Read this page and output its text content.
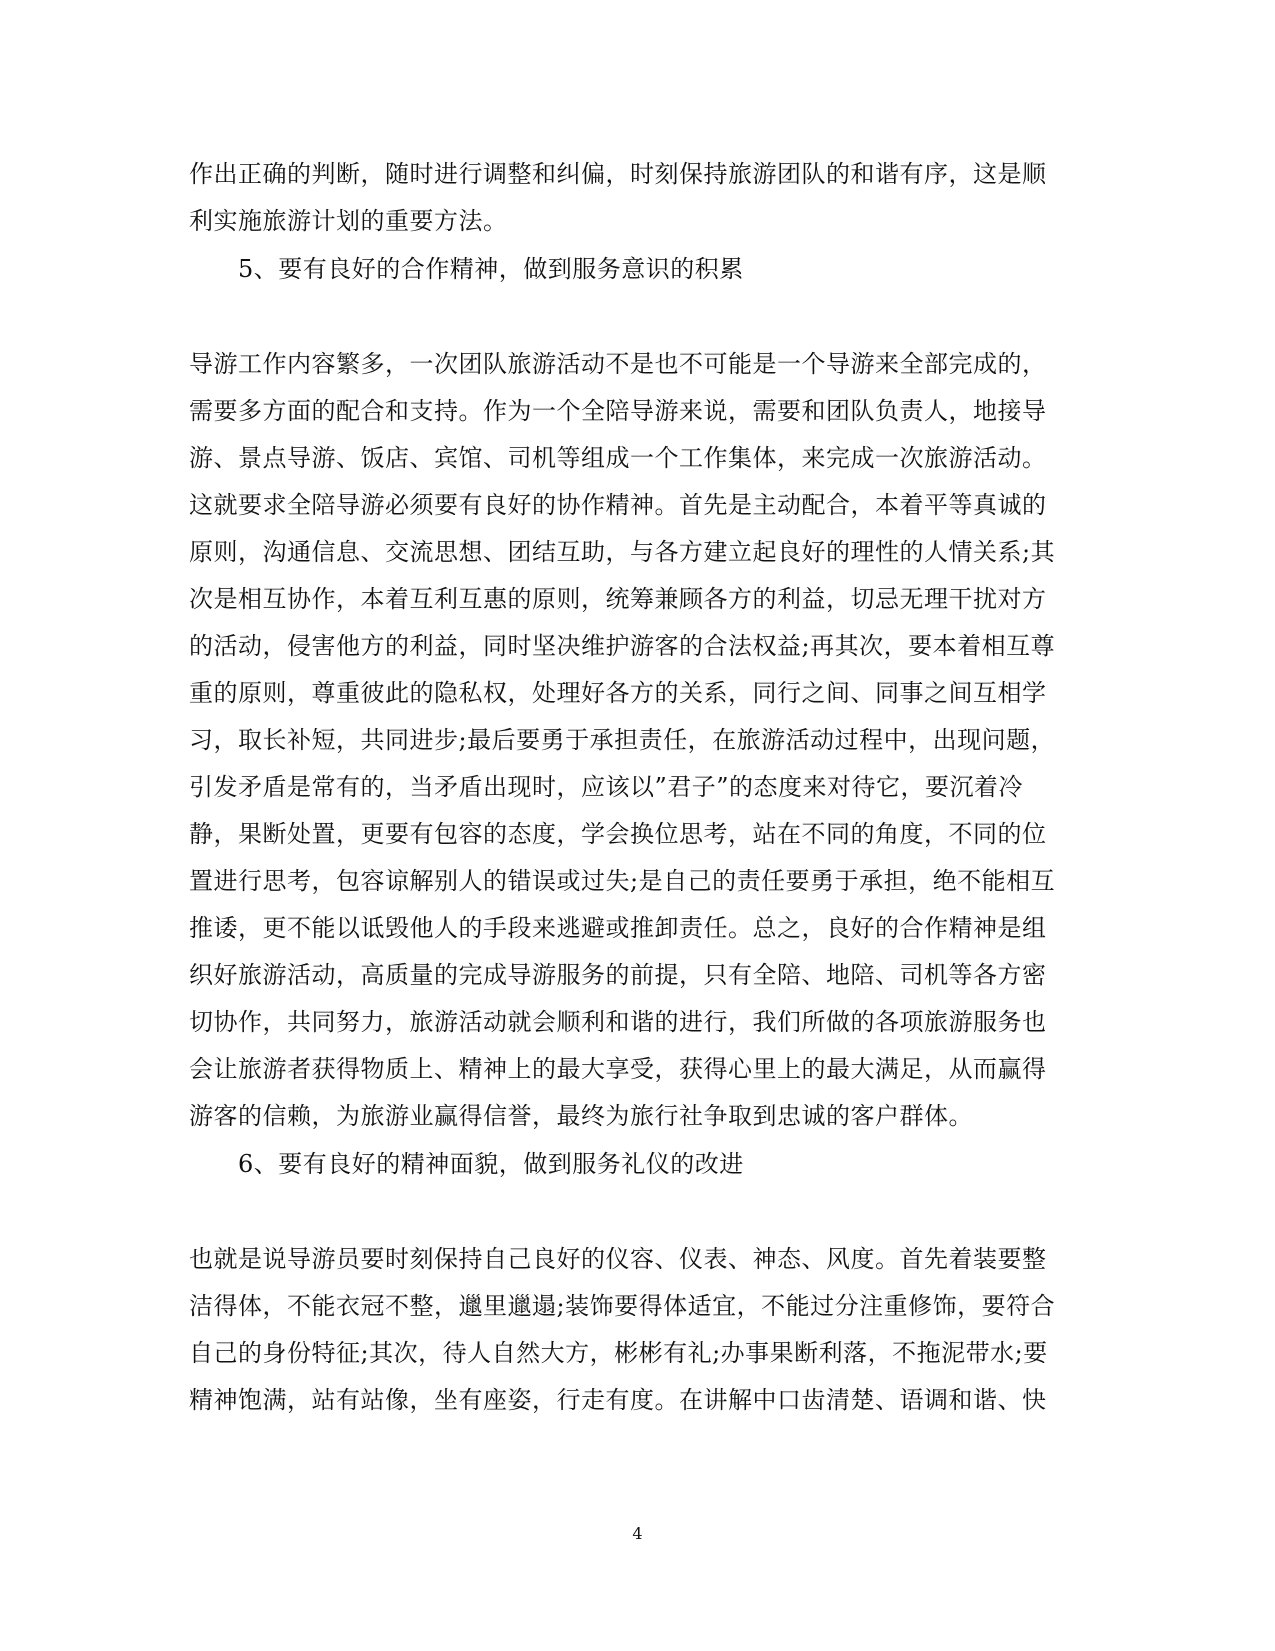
作出正确的判断，随时进行调整和纠偏，时刻保持旅游团队的和谐有序，这是顺
利实施旅游计划的重要方法。
5、要有良好的合作精神，做到服务意识的积累
导游工作内容繁多，一次团队旅游活动不是也不可能是一个导游来全部完成的，
需要多方面的配合和支持。作为一个全陪导游来说，需要和团队负责人，地接导
游、景点导游、饭店、宾馆、司机等组成一个工作集体，来完成一次旅游活动。
这就要求全陪导游必须要有良好的协作精神。首先是主动配合，本着平等真诚的
原则，沟通信息、交流思想、团结互助，与各方建立起良好的理性的人情关系;其
次是相互协作，本着互利互惠的原则，统筹兼顾各方的利益，切忌无理干扰对方
的活动，侵害他方的利益，同时坚决维护游客的合法权益;再其次，要本着相互尊
重的原则，尊重彼此的隐私权，处理好各方的关系，同行之间、同事之间互相学
习，取长补短，共同进步;最后要勇于承担责任，在旅游活动过程中，出现问题，
引发矛盾是常有的，当矛盾出现时，应该以”君子”的态度来对待它，要沉着冷
静，果断处置，更要有包容的态度，学会换位思考，站在不同的角度，不同的位
置进行思考，包容谅解别人的错误或过失;是自己的责任要勇于承担，绝不能相互
推诿，更不能以诋毁他人的手段来逃避或推卸责任。总之，良好的合作精神是组
织好旅游活动，高质量的完成导游服务的前提，只有全陪、地陪、司机等各方密
切协作，共同努力，旅游活动就会顺利和谐的进行，我们所做的各项旅游服务也
会让旅游者获得物质上、精神上的最大享受，获得心里上的最大满足，从而赢得
游客的信赖，为旅游业赢得信誉，最终为旅行社争取到忠诚的客户群体。
6、要有良好的精神面貌，做到服务礼仪的改进
也就是说导游员要时刻保持自己良好的仪容、仪表、神态、风度。首先着装要整
洁得体，不能衣冠不整，邋里邋遢;装饰要得体适宜，不能过分注重修饰，要符合
自己的身份特征;其次，待人自然大方，彬彬有礼;办事果断利落，不拖泥带水;要
精神饱满，站有站像，坐有座姿，行走有度。在讲解中口齿清楚、语调和谐、快
4
